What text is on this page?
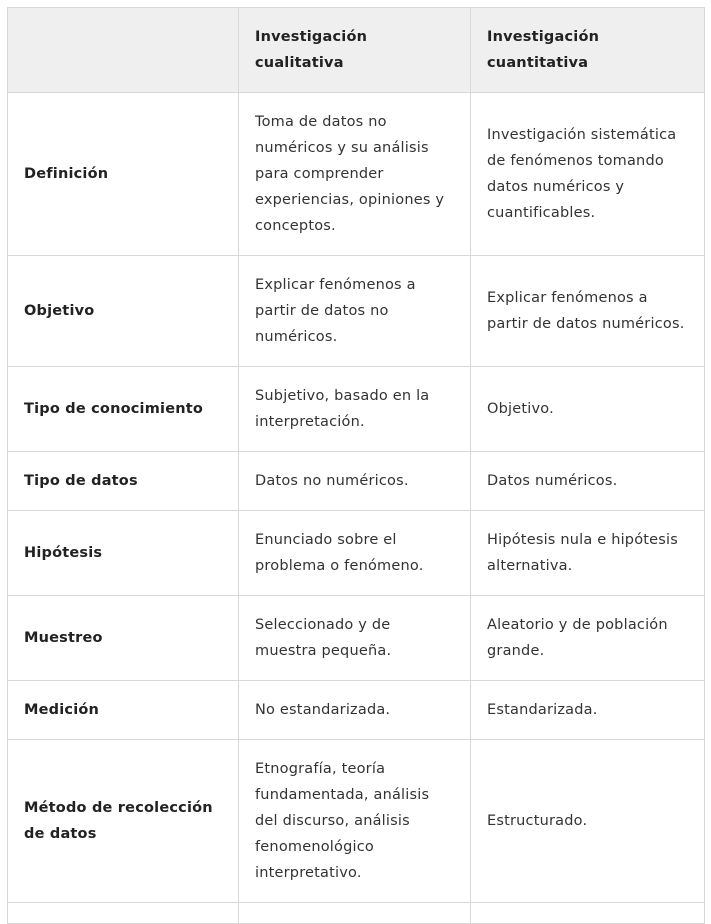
	Investigación cualitativa	Investigación cuantitativa
Definición	Toma de datos no numéricos y su análisis para comprender experiencias, opiniones y conceptos.	Investigación sistemática de fenómenos tomando datos numéricos y cuantificables.
Objetivo	Explicar fenómenos a partir de datos no numéricos.	Explicar fenómenos a partir de datos numéricos.
Tipo de conocimiento	Subjetivo, basado en la interpretación.	Objetivo.
Tipo de datos	Datos no numéricos.	Datos numéricos.
Hipótesis	Enunciado sobre el problema o fenómeno.	Hipótesis nula e hipótesis alternativa.
Muestreo	Seleccionado y de muestra pequeña.	Aleatorio y de población grande.
Medición	No estandarizada.	Estandarizada.
Método de recolección de datos	Etnografía, teoría fundamentada, análisis del discurso, análisis fenomenológico interpretativo.	Estructurado.
